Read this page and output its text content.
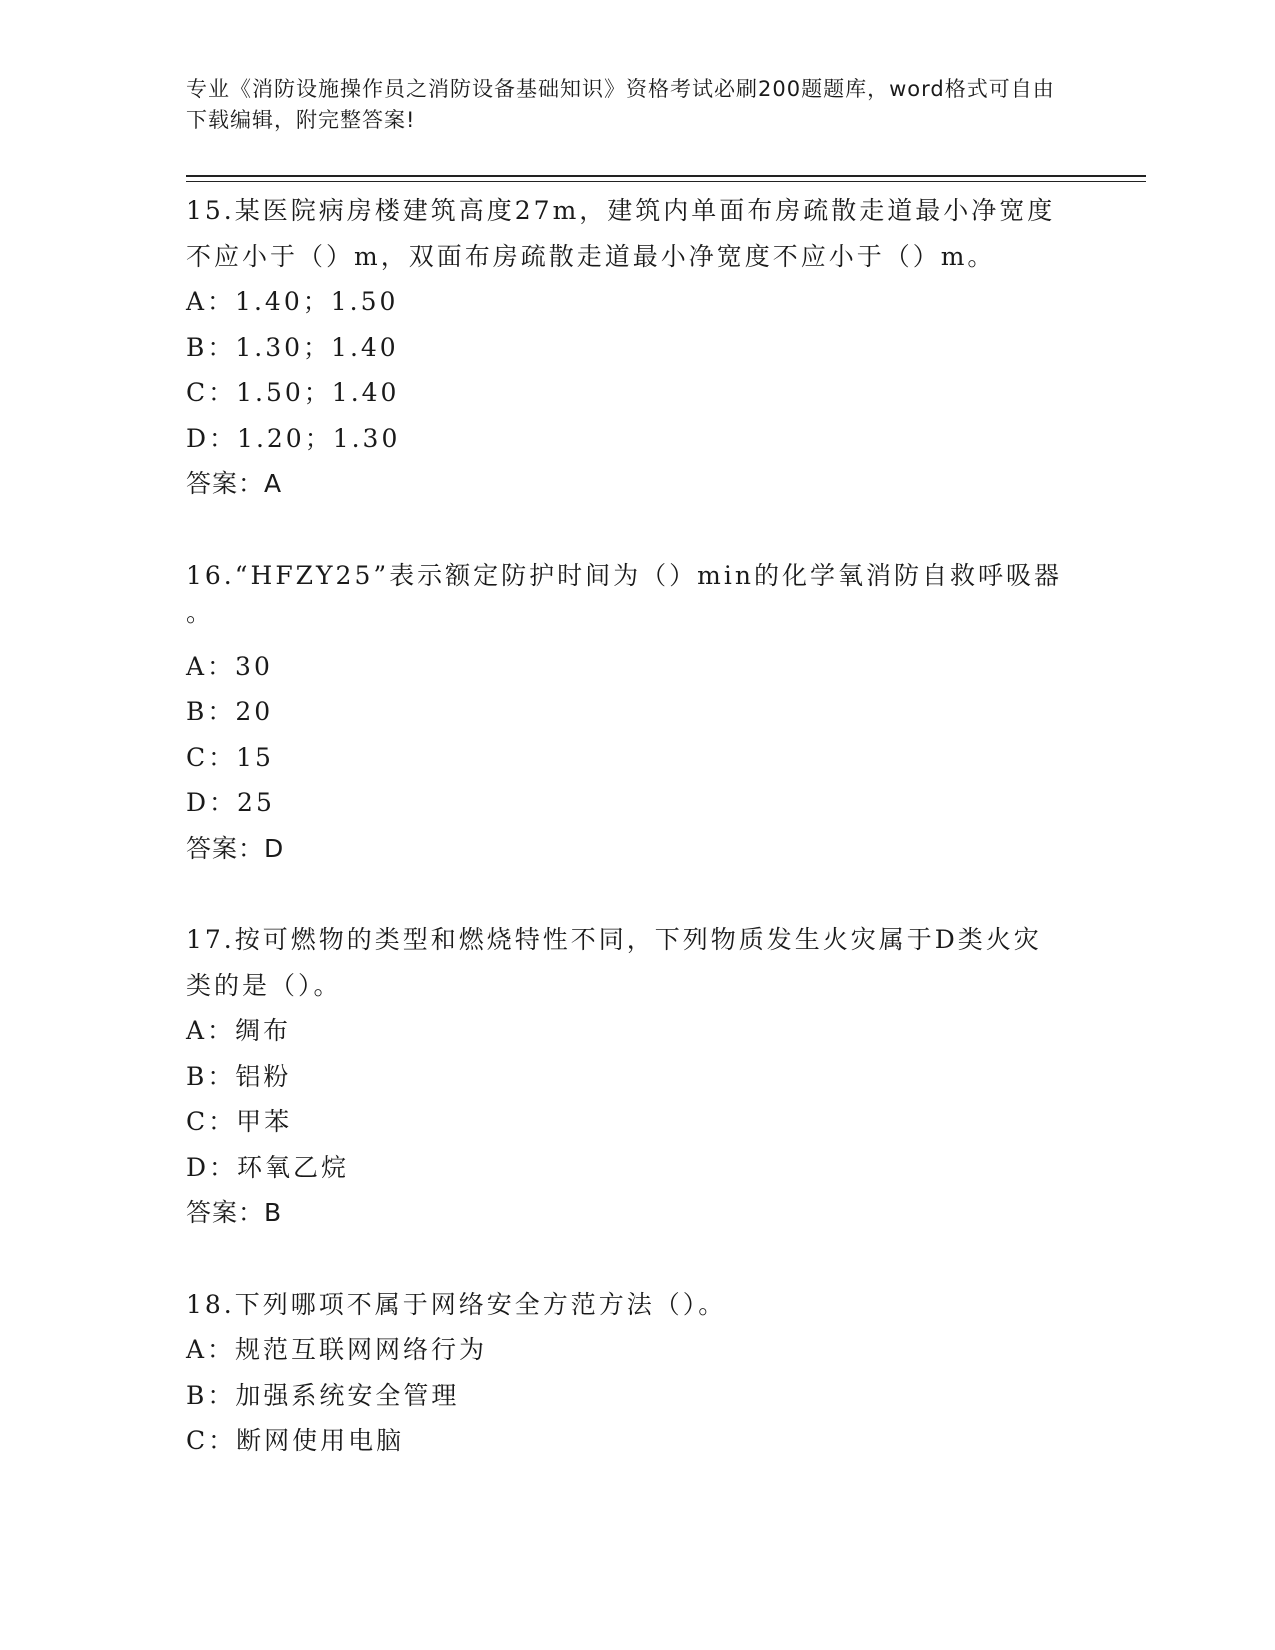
专业《消防设施操作员之消防设备基础知识》资格考试必刷200题题库，word格式可自由下载编辑，附完整答案!
15.某医院病房楼建筑高度27m，建筑内单面布房疏散走道最小净宽度
不应小于（）m，双面布房疏散走道最小净宽度不应小于（）m。
A：1.40；1.50
B：1.30；1.40
C：1.50；1.40
D：1.20；1.30
答案：A
16.“HFZY25”表示额定防护时间为（）min的化学氧消防自救呼吸器
。
A：30
B：20
C：15
D：25
答案：D
17.按可燃物的类型和燃烧特性不同，下列物质发生火灾属于D类火灾
类的是（）。
A：绸布
B：铝粉
C：甲苯
D：环氧乙烷
答案：B
18.下列哪项不属于网络安全方范方法（）。
A：规范互联网网络行为
B：加强系统安全管理
C：断网使用电脑
